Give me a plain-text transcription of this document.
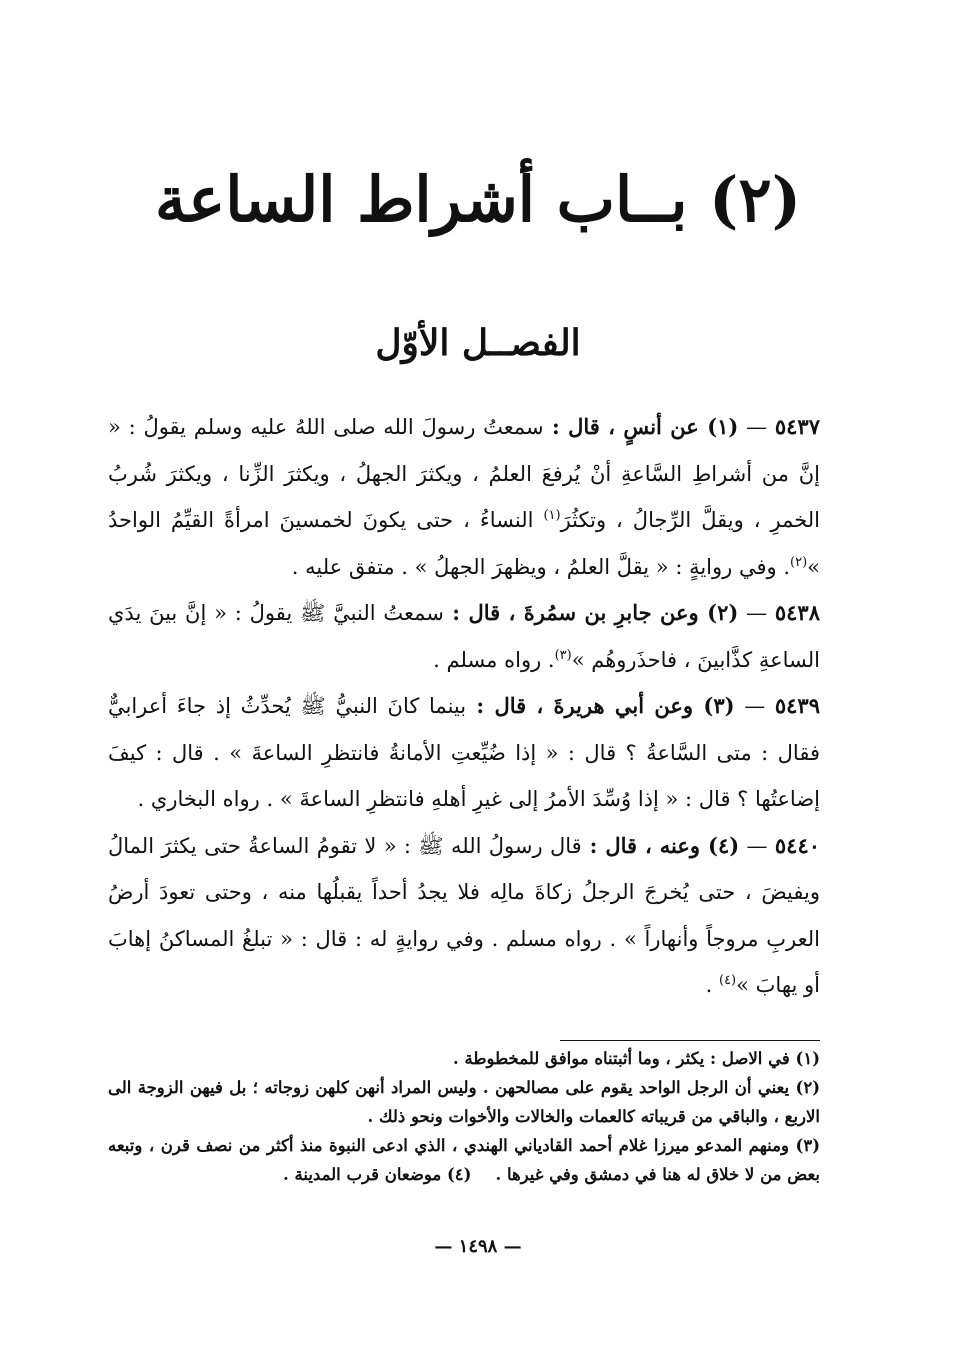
(٢) بــاب أشراط الساعة
الفصــل الأوّل

٥٤٣٧ — (١) عن أنسٍ ، قال : سمعتُ رسولَ الله صلى اللهُ عليه وسلم يقولُ : « إنَّ من أشراطِ السَّاعةِ أنْ يُرفعَ العلمُ ، ويكثرَ الجهلُ ، ويكثرَ الزِّنا ، ويكثرَ شُربُ الخمرِ ، ويقلَّ الرِّجالُ ، وتكثُرَ$^{(١)}$ النساءُ ، حتى يكونَ لخمسينَ امرأةً القيِّمُ الواحدُ »$^{(٢)}$. وفي روايةٍ : « يقلَّ العلمُ ، ويظهرَ الجهلُ » . متفق عليه .

٥٤٣٨ — (٢) وعن جابرِ بن سمُرةَ ، قال : سمعتُ النبيَّ ﷺ يقولُ : « إنَّ بينَ يدَي الساعةِ كذَّابينَ ، فاحذَروهُم »$^{(٣)}$. رواه مسلم .

٥٤٣٩ — (٣) وعن أبي هريرةَ ، قال : بينما كانَ النبيُّ ﷺ يُحدِّثُ إذ جاءَ أعرابيٌّ فقال : متى السَّاعةُ ؟ قال : « إذا ضُيِّعتِ الأمانةُ فانتظرِ الساعةَ » . قال : كيفَ إضاعتُها ؟ قال : « إذا وُسِّدَ الأمرُ إلى غيرِ أهلهِ فانتظرِ الساعةَ » . رواه البخاري .

٥٤٤٠ — (٤) وعنه ، قال : قال رسولُ الله ﷺ : « لا تقومُ الساعةُ حتى يكثرَ المالُ ويفيضَ ، حتى يُخرجَ الرجلُ زكاةَ مالِه فلا يجدُ أحداً يقبلُها منه ، وحتى تعودَ أرضُ العربِ مروجاً وأنهاراً » . رواه مسلم . وفي روايةٍ له : قال : « تبلغُ المساكنُ إهابَ أو يهابَ »$^{(٤)}$ .

(١) في الاصل : يكثر ، وما أثبتناه موافق للمخطوطة .

(٢) يعني أن الرجل الواحد يقوم على مصالحهن . وليس المراد أنهن كلهن زوجاته ؛ بل فيهن الزوجة الى الاربع ، والباقي من قريباته كالعمات والخالات والأخوات ونحو ذلك .

(٣) ومنهم المدعو ميرزا غلام أحمد القادياني الهندي ، الذي ادعى النبوة منذ أكثر من نصف قرن ، وتبعه بعض من لا خلاق له هنا في دمشق وفي غيرها .(٤) موضعان قرب المدينة .

— ١٤٩٨ —
